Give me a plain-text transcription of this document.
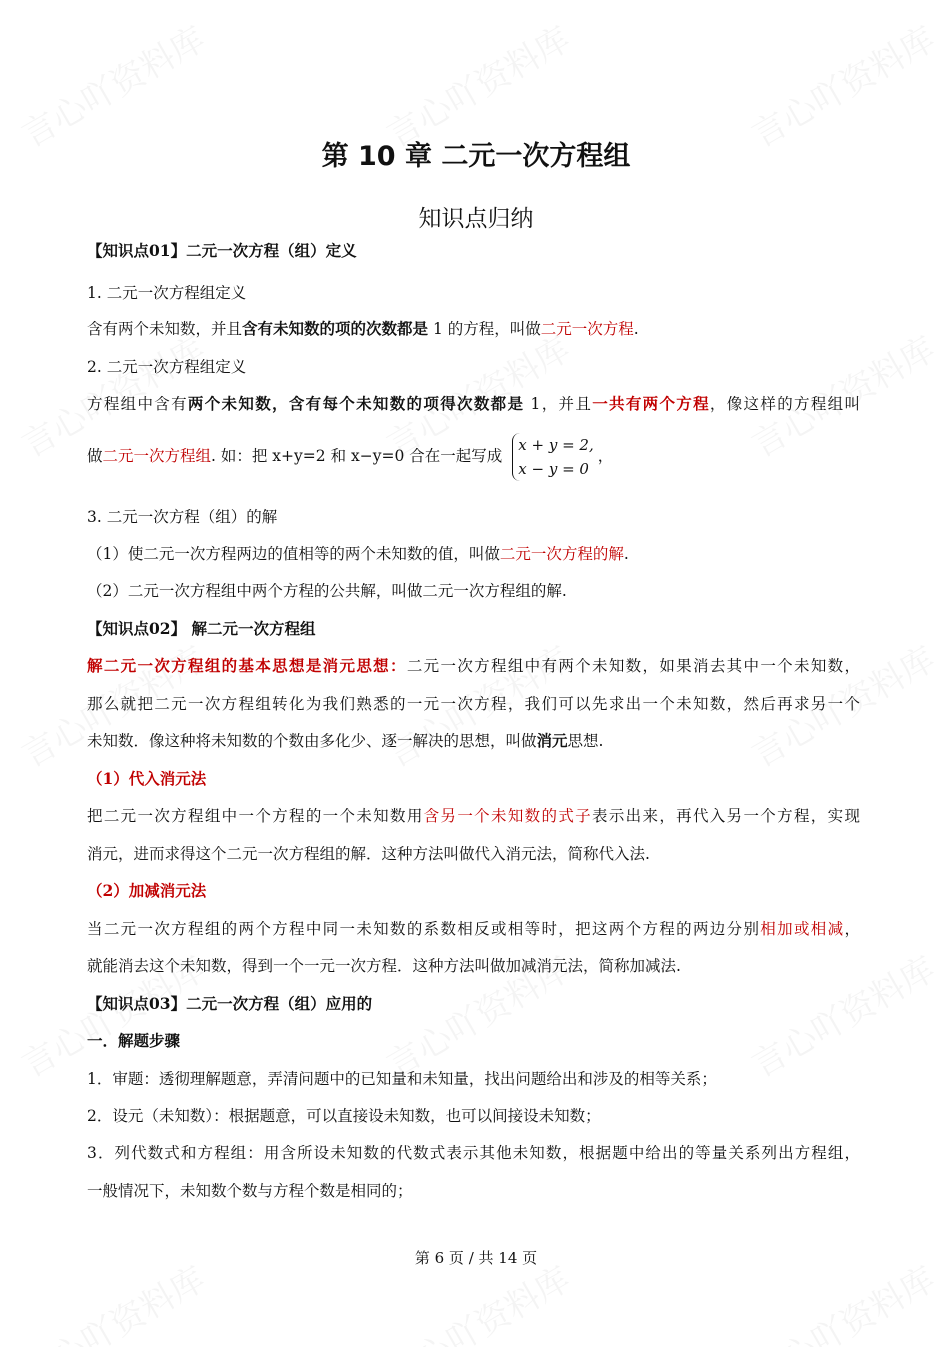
第 10 章 二元一次方程组
知识点归纳
【知识点01】二元一次方程（组）定义
1. 二元一次方程组定义
含有两个未知数，并且含有未知数的项的次数都是 1 的方程，叫做二元一次方程.
2. 二元一次方程组定义
方程组中含有两个未知数，含有每个未知数的项得次数都是 1，并且一共有两个方程，像这样的方程组叫
做二元一次方程组. 如：把 x+y=2 和 x−y=0 合在一起写成
x + y = 2,
x − y = 0
，
3. 二元一次方程（组）的解
（1）使二元一次方程两边的值相等的两个未知数的值，叫做二元一次方程的解.
（2）二元一次方程组中两个方程的公共解，叫做二元一次方程组的解.
【知识点02】 解二元一次方程组
解二元一次方程组的基本思想是消元思想：二元一次方程组中有两个未知数，如果消去其中一个未知数，
那么就把二元一次方程组转化为我们熟悉的一元一次方程，我们可以先求出一个未知数，然后再求另一个
未知数．像这种将未知数的个数由多化少、逐一解决的思想，叫做消元思想.
（1）代入消元法
把二元一次方程组中一个方程的一个未知数用含另一个未知数的式子表示出来，再代入另一个方程，实现
消元，进而求得这个二元一次方程组的解．这种方法叫做代入消元法，简称代入法.
（2）加减消元法
当二元一次方程组的两个方程中同一未知数的系数相反或相等时，把这两个方程的两边分别相加或相减，
就能消去这个未知数，得到一个一元一次方程．这种方法叫做加减消元法，简称加减法.
【知识点03】二元一次方程（组）应用的
一．解题步骤
1．审题：透彻理解题意，弄清问题中的已知量和未知量，找出问题给出和涉及的相等关系；
2．设元（未知数）：根据题意，可以直接设未知数，也可以间接设未知数；
3．列代数式和方程组：用含所设未知数的代数式表示其他未知数，根据题中给出的等量关系列出方程组，
一般情况下，未知数个数与方程个数是相同的；
第 6 页 / 共 14 页
